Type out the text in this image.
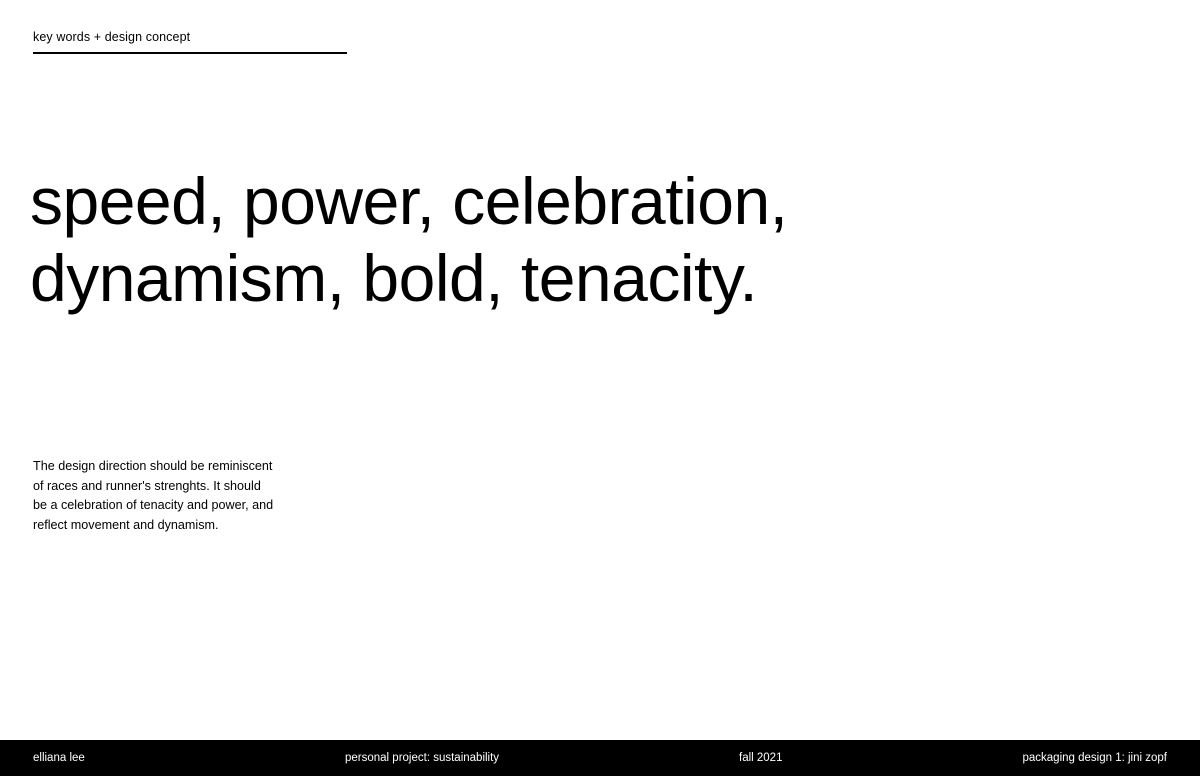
key words + design concept
speed, power, celebration,
dynamism, bold, tenacity.
The design direction should be reminiscent
of races and runner's strenghts. It should
be a celebration of tenacity and power, and
reflect movement and dynamism.
elliana lee	personal project: sustainability	fall 2021	packaging design 1: jini zopf
